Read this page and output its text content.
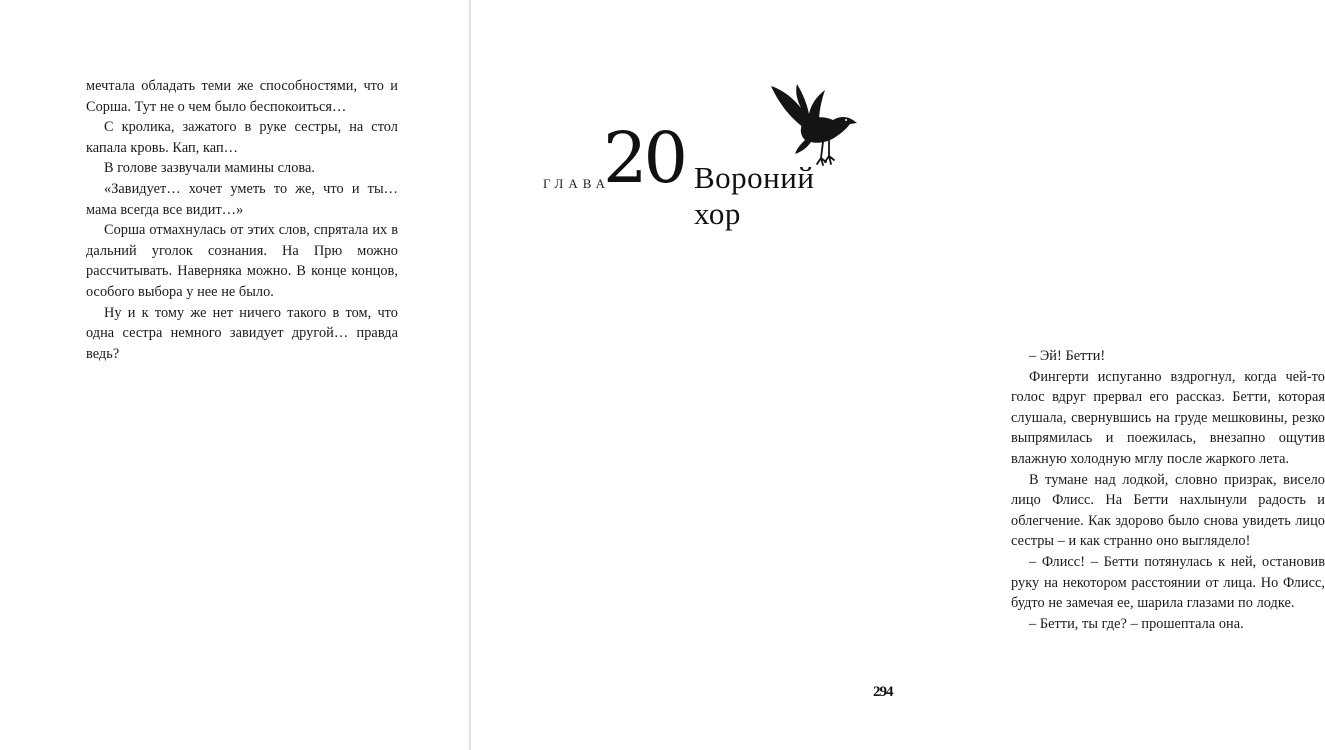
мечтала обладать теми же способностями, что и Сорша. Тут не о чем было беспокоиться…

С кролика, зажатого в руке сестры, на стол капала кровь. Кап, кап…

В голове зазвучали мамины слова.

«Завидует… хочет уметь то же, что и ты… мама всегда все видит…»

Сорша отмахнулась от этих слов, спрятала их в дальний уголок сознания. На Прю можно рассчитывать. Наверняка можно. В конце концов, особого выбора у нее не было.

Ну и к тому же нет ничего такого в том, что одна сестра немного завидует другой… правда ведь?

ГЛАВА
20 Вороний
хор

– Эй! Бетти!

Фингерти испуганно вздрогнул, когда чей-то голос вдруг прервал его рассказ. Бетти, которая слушала, свернувшись на груде мешковины, резко выпрямилась и поежилась, внезапно ощутив влажную холодную мглу после жаркого лета.

В тумане над лодкой, словно призрак, висело лицо Флисс. На Бетти нахлынули радость и облегчение. Как здорово было снова увидеть лицо сестры – и как странно оно выглядело!

– Флисс! – Бетти потянулась к ней, остановив руку на некотором расстоянии от лица. Но Флисс, будто не замечая ее, шарила глазами по лодке.

– Бетти, ты где? – прошептала она.

294
